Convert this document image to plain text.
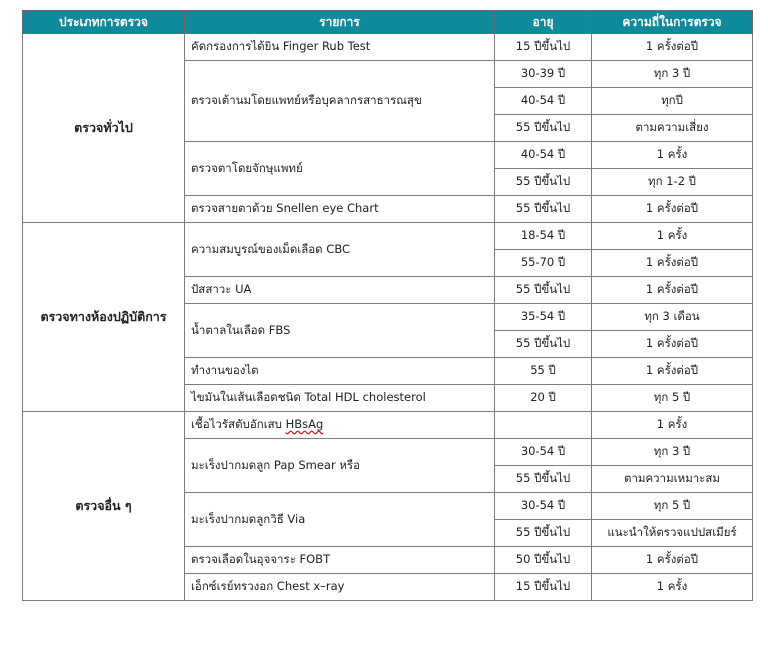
ประเภทการตรวจ	รายการ	อายุ	ความถี่ในการตรวจ
ตรวจทั่วไป	คัดกรองการได้ยิน Finger Rub Test	15 ปีขึ้นไป	1 ครั้งต่อปี
	ตรวจเต้านมโดยแพทย์หรือบุคลากรสาธารณสุข	30-39 ปี	ทุก 3 ปี
		40-54 ปี	ทุกปี
		55 ปีขึ้นไป	ตามความเสี่ยง
	ตรวจตาโดยจักษุแพทย์	40-54 ปี	1 ครั้ง
		55 ปีขึ้นไป	ทุก 1-2 ปี
	ตรวจสายตาด้วย Snellen eye Chart	55 ปีขึ้นไป	1 ครั้งต่อปี
ตรวจทางห้องปฏิบัติการ	ความสมบูรณ์ของเม็ดเลือด CBC	18-54 ปี	1 ครั้ง
		55-70 ปี	1 ครั้งต่อปี
	ปัสสาวะ UA	55 ปีขึ้นไป	1 ครั้งต่อปี
	น้ำตาลในเลือด FBS	35-54 ปี	ทุก 3 เดือน
		55 ปีขึ้นไป	1 ครั้งต่อปี
	ทำงานของไต	55 ปี	1 ครั้งต่อปี
	ไขมันในเส้นเลือดชนิด Total HDL cholesterol	20 ปี	ทุก 5 ปี
ตรวจอื่น ๆ	เชื้อไวรัสตับอักเสบ HBsAg		1 ครั้ง
	มะเร็งปากมดลูก Pap Smear หรือ	30-54 ปี	ทุก 3 ปี
		55 ปีขึ้นไป	ตามความเหมาะสม
	มะเร็งปากมดลูกวิธี Via	30-54 ปี	ทุก 5 ปี
		55 ปีขึ้นไป	แนะนำให้ตรวจแปปสเมียร์
	ตรวจเลือดในอุจจาระ FOBT	50 ปีขึ้นไป	1 ครั้งต่อปี
	เอ็กซ์เรย์ทรวงอก Chest x–ray	15 ปีขึ้นไป	1 ครั้ง
